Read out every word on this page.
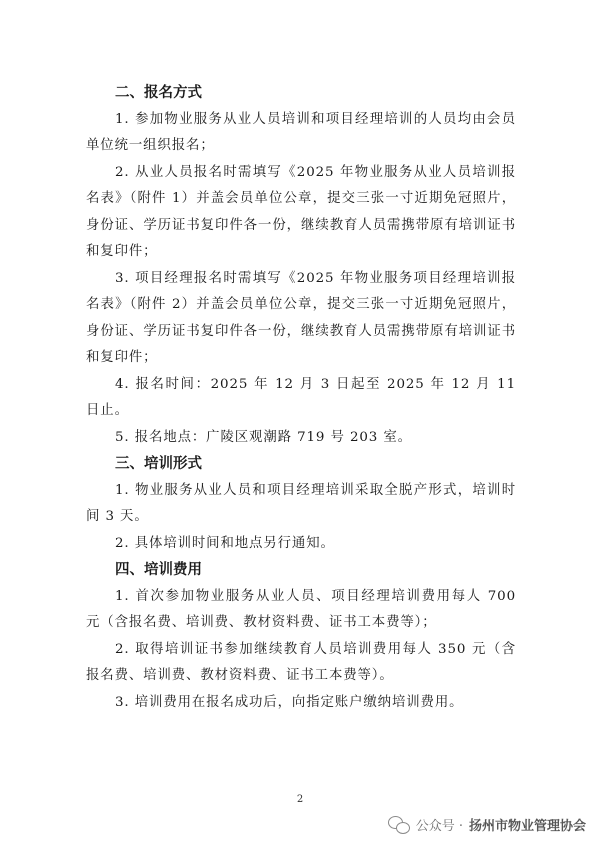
二、报名方式

1. 参加物业服务从业人员培训和项目经理培训的人员均由会员单位统一组织报名；

2. 从业人员报名时需填写《2025 年物业服务从业人员培训报名表》（附件 1）并盖会员单位公章，提交三张一寸近期免冠照片，身份证、学历证书复印件各一份，继续教育人员需携带原有培训证书和复印件；

3. 项目经理报名时需填写《2025 年物业服务项目经理培训报名表》（附件 2）并盖会员单位公章，提交三张一寸近期免冠照片，身份证、学历证书复印件各一份，继续教育人员需携带原有培训证书和复印件；

4. 报名时间：2025 年 12 月 3 日起至 2025 年 12 月 11 日止。

5. 报名地点：广陵区观潮路 719 号 203 室。

三、培训形式

1. 物业服务从业人员和项目经理培训采取全脱产形式，培训时间 3 天。

2. 具体培训时间和地点另行通知。

四、培训费用

1. 首次参加物业服务从业人员、项目经理培训费用每人 700 元（含报名费、培训费、教材资料费、证书工本费等）；

2. 取得培训证书参加继续教育人员培训费用每人 350 元（含报名费、培训费、教材资料费、证书工本费等）。

3. 培训费用在报名成功后，向指定账户缴纳培训费用。

2
公众号 · 扬州市物业管理协会
